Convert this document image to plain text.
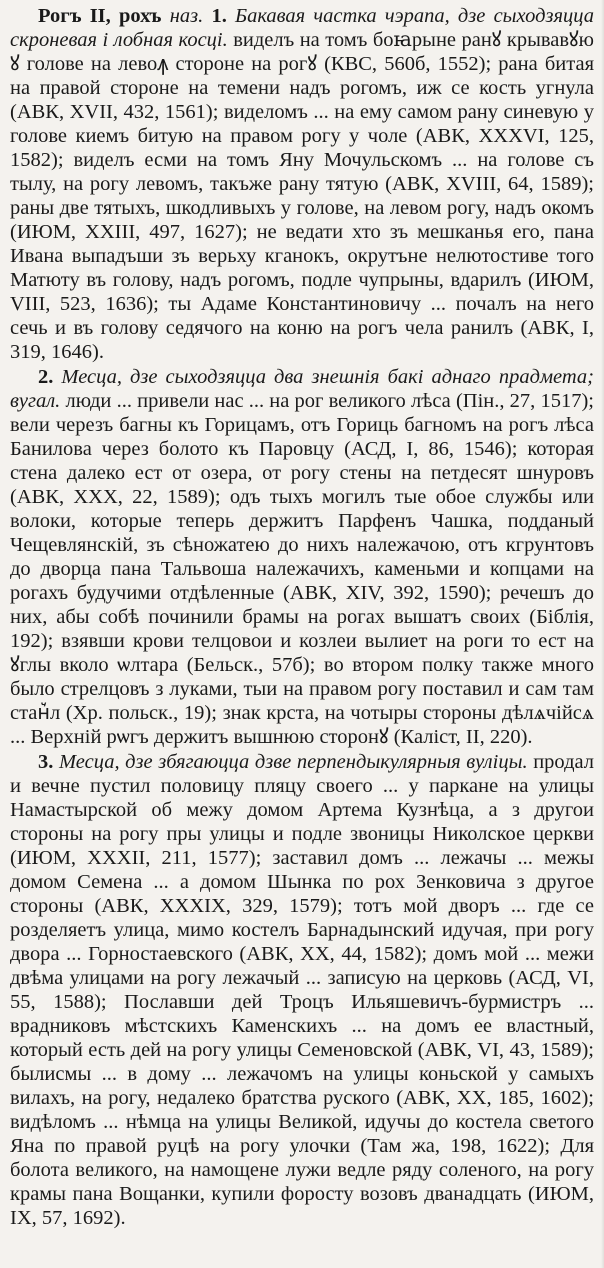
Рогъ II, рохъ наз. 1. Бакавая частка чэрапа, дзе сыходзяцца скроневая і лобная косці. виделъ на томъ боꙗрыне ранꙋ крывавꙋю ꙋ голове на левоꙟ стороне на рогꙋ (КВС, 560б, 1552); рана битая на правой стороне на темени надъ рогомъ, иж се кость угнула (АВК, XVII, 432, 1561); виделомъ ... на ему самом рану синевую у голове киемъ битую на правом рогу у чоле (АВК, XXXVI, 125, 1582); виделъ есми на томъ Яну Мочульскомъ ... на голове съ тылу, на рогу левомъ, такъже рану тятую (АВК, XVIII, 64, 1589); раны две тятыхъ, шкодливыхъ у голове, на левом рогу, надъ окомъ (ИЮМ, XXIII, 497, 1627); не ведати хто зъ мешканья его, пана Ивана выпадъши зъ верьху кганокъ, окрутъне нелютостиве того Матюту въ голову, надъ рогомъ, подле чупрыны, вдарилъ (ИЮМ, VIII, 523, 1636); ты Адаме Константиновичу ... почалъ на него сечь и въ голову седячого на коню на рогъ чела ранилъ (АВК, I, 319, 1646).

2. Месца, дзе сыходзяцца два знешнія бакі аднаго прадмета; вугал. люди ... привели нас ... на рог великого лѣса (Пін., 27, 1517); вели черезъ багны къ Горицамъ, отъ Гориць багномъ на рогъ лѣса Банилова через болото къ Паровцу (АСД, I, 86, 1546); которая стена далеко ест от озера, от рогу стены на петдесят шнуровъ (АВК, XXX, 22, 1589); одъ тыхъ могилъ тые обое службы или волоки, которые теперь держитъ Парфенъ Чашка, подданый Чещевлянскій, зъ сѣножатею до нихъ належачою, отъ кгрунтовъ до дворца пана Тальвоша належачихъ, каменьми и копцами на рогахъ будучими отдѣленные (АВК, XIV, 392, 1590); речешъ до них, абы собѣ починили брамы на рогах вышатъ своих (Біблія, 192); взявши крови телцовои и козлеи вылиет на роги то ест на ꙋглы вколо ѡлтара (Бельск., 57б); во втором полку также много было стрелцовъ з луками, тыи на правом рогу поставил и сам там стан꙽л (Хр. польск., 19); знак крста, на чотыры стороны дѣлѧчійсѧ ... Верхній рѡгъ держитъ вышнюю сторонꙋ (Каліст, II, 220).

3. Месца, дзе збягаюцца дзве перпендыкулярныя вуліцы. продал и вечне пустил половицу пляцу своего ... у паркане на улицы Намастырской об межу домом Артема Кузнѣца, а з другои стороны на рогу пры улицы и подле звоницы Николское церкви (ИЮМ, XXXII, 211, 1577); заставил домъ ... лежачы ... межы домом Семена ... а домом Шынка по рох Зенковича з другое стороны (АВК, XXXIX, 329, 1579); тотъ мой дворъ ... где се розделяетъ улица, мимо костелъ Барнадынский идучая, при рогу двора ... Горностаевского (АВК, XX, 44, 1582); домъ мой ... межи двѣма улицами на рогу лежачый ... записую на церковь (АСД, VI, 55, 1588); Пославши дей Троцъ Ильяшевичъ-бурмистръ ... врадниковъ мѣстскихъ Каменскихъ ... на домъ ее властный, который есть дей на рогу улицы Семеновской (АВК, VI, 43, 1589); былисмы ... в дому ... лежачомъ на улицы коньской у самыхъ вилахъ, на рогу, недалеко братства руского (АВК, XX, 185, 1602); видѣломъ ... нѣмца на улицы Великой, идучы до костела светого Яна по правой руцѣ на рогу улочки (Там жа, 198, 1622); Для болота великого, на намощене лужи ведле ряду соленого, на рогу крамы пана Вощанки, купили форосту возовъ дванадцать (ИЮМ, IX, 57, 1692).
